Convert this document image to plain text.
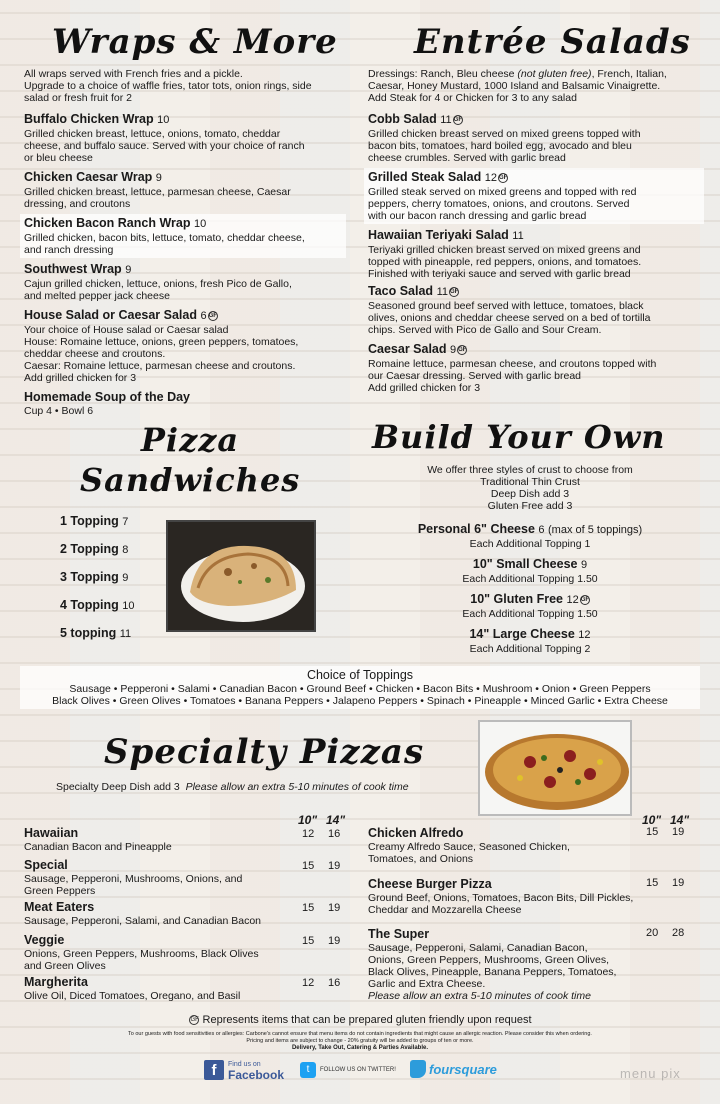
Wraps & More
All wraps served with French fries and a pickle.
Upgrade to a choice of waffle fries, tator tots, onion rings, side
salad or fresh fruit for 2
Buffalo Chicken Wrap 10
Grilled chicken breast, lettuce, onions, tomato, cheddar
cheese, and buffalo sauce. Served with your choice of ranch
or bleu cheese
Chicken Caesar Wrap 9
Grilled chicken breast, lettuce, parmesan cheese, Caesar
dressing, and croutons
Chicken Bacon Ranch Wrap 10
Grilled chicken, bacon bits, lettuce, tomato, cheddar cheese,
and ranch dressing
Southwest Wrap 9
Cajun grilled chicken, lettuce, onions, fresh Pico de Gallo,
and melted pepper jack cheese
House Salad or Caesar Salad 6 GF
Your choice of House salad or Caesar salad
House: Romaine lettuce, onions, green peppers, tomatoes,
cheddar cheese and croutons.
Caesar: Romaine lettuce, parmesan cheese and croutons.
Add grilled chicken for 3
Homemade Soup of the Day
Cup 4 • Bowl 6
Entrée Salads
Dressings: Ranch, Bleu cheese (not gluten free), French, Italian,
Caesar, Honey Mustard, 1000 Island and Balsamic Vinaigrette.
Add Steak for 4 or Chicken for 3 to any salad
Cobb Salad 11 GF
Grilled chicken breast served on mixed greens topped with
bacon bits, tomatoes, hard boiled egg, avocado and bleu
cheese crumbles. Served with garlic bread
Grilled Steak Salad 12 GF
Grilled steak served on mixed greens and topped with red
peppers, cherry tomatoes, onions, and croutons. Served
with our bacon ranch dressing and garlic bread
Hawaiian Teriyaki Salad 11
Teriyaki grilled chicken breast served on mixed greens and
topped with pineapple, red peppers, onions, and tomatoes.
Finished with teriyaki sauce and served with garlic bread
Taco Salad 11 GF
Seasoned ground beef served with lettuce, tomatoes, black
olives, onions and cheddar cheese served on a bed of tortilla
chips. Served with Pico de Gallo and Sour Cream.
Caesar Salad 9 GF
Romaine lettuce, parmesan cheese, and croutons topped with
our Caesar dressing. Served with garlic bread
Add grilled chicken for 3
Pizza
Sandwiches
1 Topping 7
2 Topping 8
3 Topping 9
4 Topping 10
5 topping 11
Build Your Own
We offer three styles of crust to choose from
Traditional Thin Crust
Deep Dish add 3
Gluten Free add 3
Personal 6" Cheese 6 (max of 5 toppings)
Each Additional Topping 1
10" Small Cheese 9
Each Additional Topping 1.50
10" Gluten Free 12 GF
Each Additional Topping 1.50
14" Large Cheese 12
Each Additional Topping 2
Choice of Toppings
Sausage • Pepperoni • Salami • Canadian Bacon • Ground Beef • Chicken • Bacon Bits • Mushroom • Onion • Green Peppers
Black Olives • Green Olives • Tomatoes • Banana Peppers • Jalapeno Peppers • Spinach • Pineapple • Minced Garlic • Extra Cheese
Specialty Pizzas
Specialty Deep Dish add 3 Please allow an extra 5-10 minutes of cook time
10" 14"	10" 14"
Hawaiian
Canadian Bacon and Pineapple
12 16
Special
Sausage, Pepperoni, Mushrooms, Onions, and
Green Peppers
15 19
Meat Eaters
Sausage, Pepperoni, Salami, and Canadian Bacon
15 19
Veggie
Onions, Green Peppers, Mushrooms, Black Olives
and Green Olives
15 19
Margherita
Olive Oil, Diced Tomatoes, Oregano, and Basil
12 16
Chicken Alfredo
Creamy Alfredo Sauce, Seasoned Chicken,
Tomatoes, and Onions
15 19
Cheese Burger Pizza
Ground Beef, Onions, Tomatoes, Bacon Bits, Dill Pickles,
Cheddar and Mozzarella Cheese
15 19
The Super
Sausage, Pepperoni, Salami, Canadian Bacon,
Onions, Green Peppers, Mushrooms, Green Olives,
Black Olives, Pineapple, Banana Peppers, Tomatoes,
Garlic and Extra Cheese.
Please allow an extra 5-10 minutes of cook time
20 28
GF Represents items that can be prepared gluten friendly upon request
To our guests with food sensitivities or allergies: Carbone's cannot ensure that menu items do not contain ingredients that might cause an allergic reaction. Please consider this when ordering.
Pricing and items are subject to change - 20% gratuity will be added to groups of ten or more.
Delivery, Take Out, Catering & Parties Available.
f	Find us on
Facebook	t	FOLLOW US ON TWITTER!	foursquare	menu pix
